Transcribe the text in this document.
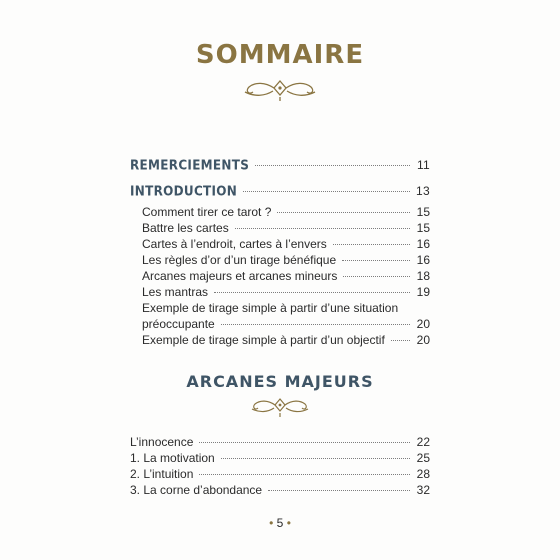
SOMMAIRE
REMERCIEMENTS	11
INTRODUCTION	13
Comment tirer ce tarot ?	15
Battre les cartes	15
Cartes à l’endroit, cartes à l’envers	16
Les règles d’or d’un tirage bénéfique	16
Arcanes majeurs et arcanes mineurs	18
Les mantras	19
Exemple de tirage simple à partir d’une situation
préoccupante	20
Exemple de tirage simple à partir d’un objectif	20
ARCANES MAJEURS
L’innocence	22
1. La motivation	25
2. L’intuition	28
3. La corne d’abondance	32
• 5 •
